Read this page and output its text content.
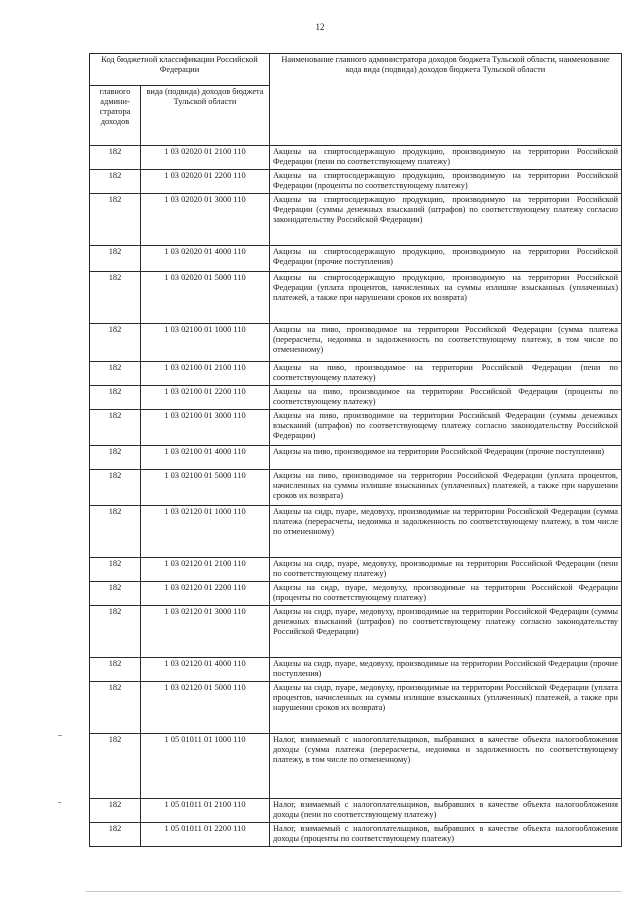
12
Код бюджетной классификации Российской Федерации		Наименование главного администратора доходов бюджета Тульской области, наименование кода вида (подвида) доходов бюджета Тульской области
главного админи-стратора доходов	вида (подвида) доходов бюджета Тульской области	
182	1 03 02020 01 2100 110	Акцизы на спиртосодержащую продукцию, производимую на территории Российской Федерации (пени по соответствующему платежу)
182	1 03 02020 01 2200 110	Акцизы на спиртосодержащую продукцию, производимую на территории Российской Федерации (проценты по соответствующему платежу)
182	1 03 02020 01 3000 110	Акцизы на спиртосодержащую продукцию, производимую на территории Российской Федерации (суммы денежных взысканий (штрафов) по соответствующему платежу согласно законодательству Российской Федерации)
182	1 03 02020 01 4000 110	Акцизы на спиртосодержащую продукцию, производимую на территории Российской Федерации (прочие поступления)
182	1 03 02020 01 5000 110	Акцизы на спиртосодержащую продукцию, производимую на территории Российской Федерации (уплата процентов, начисленных на суммы излишне взысканных (уплаченных) платежей, а также при нарушении сроков их возврата)
182	1 03 02100 01 1000 110	Акцизы на пиво, производимое на территории Российской Федерации (сумма платежа (перерасчеты, недоимка и задолженность по соответствующему платежу, в том числе по отмененному)
182	1 03 02100 01 2100 110	Акцизы на пиво, производимое на территории Российской Федерации (пени по соответствующему платежу)
182	1 03 02100 01 2200 110	Акцизы на пиво, производимое на территории Российской Федерации (проценты по соответствующему платежу)
182	1 03 02100 01 3000 110	Акцизы на пиво, производимое на территории Российской Федерации (суммы денежных взысканий (штрафов) по соответствующему платежу согласно законодательству Российской Федерации)
182	1 03 02100 01 4000 110	Акцизы на пиво, производимое на территории Российской Федерации (прочие поступления)
182	1 03 02100 01 5000 110	Акцизы на пиво, производимое на территории Российской Федерации (уплата процентов, начисленных на суммы излишне взысканных (уплаченных) платежей, а также при нарушении сроков их возврата)
182	1 03 02120 01 1000 110	Акцизы на сидр, пуаре, медовуху, производимые на территории Российской Федерации (сумма платежа (перерасчеты, недоимка и задолженность по соответствующему платежу, в том числе по отмененному)
182	1 03 02120 01 2100 110	Акцизы на сидр, пуаре, медовуху, производимые на территории Российской Федерации (пени по соответствующему платежу)
182	1 03 02120 01 2200 110	Акцизы на сидр, пуаре, медовуху, производимые на территории Российской Федерации (проценты по соответствующему платежу)
182	1 03 02120 01 3000 110	Акцизы на сидр, пуаре, медовуху, производимые на территории Российской Федерации (суммы денежных взысканий (штрафов) по соответствующему платежу согласно законодательству Российской Федерации)
182	1 03 02120 01 4000 110	Акцизы на сидр, пуаре, медовуху, производимые на территории Российской Федерации (прочие поступления)
182	1 03 02120 01 5000 110	Акцизы на сидр, пуаре, медовуху, производимые на территории Российской Федерации (уплата процентов, начисленных на суммы излишне взысканных (уплаченных) платежей, а также при нарушении сроков их возврата)
182	1 05 01011 01 1000 110	Налог, взимаемый с налогоплательщиков, выбравших в качестве объекта налогообложения доходы (сумма платежа (перерасчеты, недоимка и задолженность по соответствующему платежу, в том числе по отмененному)
182	1 05 01011 01 2100 110	Налог, взимаемый с налогоплательщиков, выбравших в качестве объекта налогообложения доходы (пени по соответствующему платежу)
182	1 05 01011 01 2200 110	Налог, взимаемый с налогоплательщиков, выбравших в качестве объекта налогообложения доходы (проценты по соответствующему платежу)
